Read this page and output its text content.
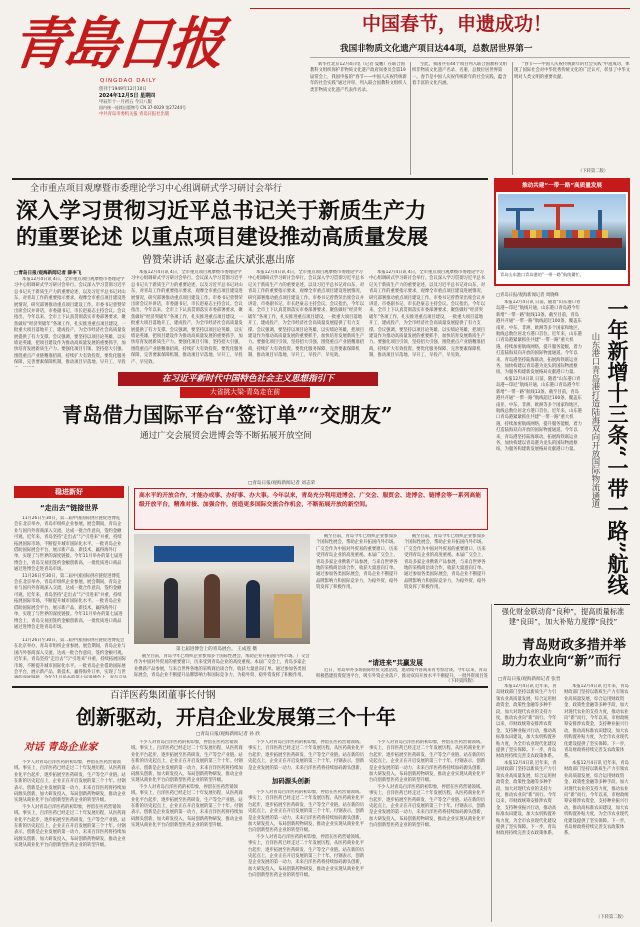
青島日报
QINGDAO DAILY
创刊于1949年12月10日
2024年12月5日 星期四
甲辰年十一月初五 今日八版
国内统一连续出版物号 CN 37-0029 第27244号
中共青岛市委机关报 青岛日报社出版
中国春节，申遗成功！
我国非物质文化遗产项目达44项，总数居世界第一

新华社北京12月4日电（记者 夏鹏）在联合国教科文组织保护非物质文化遗产政府间委员会第19届常会上，我国申报的“春节——中国人庆祝传统新年的社会实践”通过评审，列入联合国教科文组织人类非物质文化遗产代表作名录。

至此，我国共有44个项目列入联合国教科文组织非物质文化遗产名录、名册，总数位居世界第一。春节是中国人庆祝传统新年的社会实践，蕴含着丰富的文化内涵。

“春节——中国人庆祝传统新年的社会实践”申遗成功，体现了国际社会对中华优秀传统文化的广泛认可，彰显了中华文明对人类文明的重要贡献。

全市重点项目观摩暨市委理论学习中心组调研式学习研讨会举行
深入学习贯彻习近平总书记关于新质生产力
的重要论述 以重点项目建设推动高质量发展
曾赞荣讲话 赵豪志孟庆斌张惠出席
□青岛日报/观海新闻记者 薛李飞

本报12月4日讯 4日，全市重点项目观摩暨市委理论学习中心组调研式学习研讨会举行。会议深入学习贯彻习近平总书记关于新质生产力的重要论述，以及习近平总书记对山东、对青岛工作的重要指示要求，观摩全市重点项目建设进展情况，研究部署推动重点项目建设工作。市委书记曾赞荣出席会议并讲话，市委副书记、市长赵豪志主持会议。会议指出，今年以来，全市上下认真贯彻落实市委部署要求，聚焦做好“经济突破年”各项工作，扎实推进重点项目建设，一批重大项目落地开工、建成投产，为全市经济社会高质量发展提供了有力支撑。会议强调，要坚持以项目论英雄、以实绩论英雄，把项目建设作为推动高质量发展的重要抓手，加快培育发展新质生产力。要强化项目引领、坚持招大引强，围绕重点产业链精准招商，持续扩大有效投资。要优化服务保障，完善要素保障机制，推动项目早落地、早开工、早投

本报12月4日讯 4日，全市重点项目观摩暨市委理论学习中心组调研式学习研讨会举行。会议深入学习贯彻习近平总书记关于新质生产力的重要论述，以及习近平总书记对山东、对青岛工作的重要指示要求，观摩全市重点项目建设进展情况，研究部署推动重点项目建设工作。市委书记曾赞荣出席会议并讲话，市委副书记、市长赵豪志主持会议。会议指出，今年以来，全市上下认真贯彻落实市委部署要求，聚焦做好“经济突破年”各项工作，扎实推进重点项目建设，一批重大项目落地开工、建成投产，为全市经济社会高质量发展提供了有力支撑。会议强调，要坚持以项目论英雄、以实绩论英雄，把项目建设作为推动高质量发展的重要抓手，加快培育发展新质生产力。要强化项目引领、坚持招大引强，围绕重点产业链精准招商，持续扩大有效投资。要优化服务保障，完善要素保障机制，推动项目早落地、早开工、早投产、早见效。

本报12月4日讯 4日，全市重点项目观摩暨市委理论学习中心组调研式学习研讨会举行。会议深入学习贯彻习近平总书记关于新质生产力的重要论述，以及习近平总书记对山东、对青岛工作的重要指示要求，观摩全市重点项目建设进展情况，研究部署推动重点项目建设工作。市委书记曾赞荣出席会议并讲话，市委副书记、市长赵豪志主持会议。会议指出，今年以来，全市上下认真贯彻落实市委部署要求，聚焦做好“经济突破年”各项工作，扎实推进重点项目建设，一批重大项目落地开工、建成投产，为全市经济社会高质量发展提供了有力支撑。会议强调，要坚持以项目论英雄、以实绩论英雄，把项目建设作为推动高质量发展的重要抓手，加快培育发展新质生产力。要强化项目引领、坚持招大引强，围绕重点产业链精准招商，持续扩大有效投资。要优化服务保障，完善要素保障机制，推动项目早落地、早开工、早投产、早见效。

本报12月4日讯 4日，全市重点项目观摩暨市委理论学习中心组调研式学习研讨会举行。会议深入学习贯彻习近平总书记关于新质生产力的重要论述，以及习近平总书记对山东、对青岛工作的重要指示要求，观摩全市重点项目建设进展情况，研究部署推动重点项目建设工作。市委书记曾赞荣出席会议并讲话，市委副书记、市长赵豪志主持会议。会议指出，今年以来，全市上下认真贯彻落实市委部署要求，聚焦做好“经济突破年”各项工作，扎实推进重点项目建设，一批重大项目落地开工、建成投产，为全市经济社会高质量发展提供了有力支撑。会议强调，要坚持以项目论英雄、以实绩论英雄，把项目建设作为推动高质量发展的重要抓手，加快培育发展新质生产力。要强化项目引领、坚持招大引强，围绕重点产业链精准招商，持续扩大有效投资。要优化服务保障，完善要素保障机制，推动项目早落地、早开工、早投产、早见效。

推动共建“一带一路”高质量发展
青岛山东港口青岛港的“一带一路”航线繁忙。
□青岛日报/观海新闻记者 周晓峰

本报12月4日讯 日前，随着“山东港口青岛港—印尼”航线开通，山东港口青岛港今年新增“一带一路”航线13条。截至目前，青岛港共开通“一带一路”航线超过100条，覆盖东南亚、中东、非洲、欧洲等多个国家和地区，航线总数位居北方港口首位。近年来，山东港口青岛港紧紧抓住共建“一带一路”重大机遇，持续加密航线网络，提升服务能级，着力打造陆海双向开放的国际物流通道。今年以来，青岛港坚持陆海联动，拓展海铁联运业务，加快构建以青岛港为龙头的国际物流枢纽，为服务构建新发展格局贡献港口力量。

本报12月4日讯 日前，随着“山东港口青岛港—印尼”航线开通，山东港口青岛港今年新增“一带一路”航线13条。截至目前，青岛港共开通“一带一路”航线超过100条，覆盖东南亚、中东、非洲、欧洲等多个国家和地区，航线总数位居北方港口首位。近年来，山东港口青岛港紧紧抓住共建“一带一路”重大机遇，持续加密航线网络，提升服务能级，着力打造陆海双向开放的国际物流通道。今年以来，青岛港坚持陆海联动，拓展海铁联运业务，加快构建以青岛港为龙头的国际物流枢纽，为服务构建新发展格局贡献港口力量。 一年新增十三条“一带一路”航线
山东港口青岛港打造陆海双向开放国际物流通道
在习近平新时代中国特色社会主义思想指引下
大省挑大梁·青岛走在前
青岛借力国际平台“签订单”“交朋友”
通过广交会展贸会进博会等不断拓展开放空间
稳进新好
“走出去”链接世界

11月26日至30日，第二届中国国际供应链促进博览会在北京举办，青岛市组织企业参展。展会期间，青岛企业与国内外客商深入交流，达成一批合作意向，签约金额可观。近年来，青岛坚持“走出去”与“引进来”并重，持续拓展国际市场，不断提升城市国际化水平。一批青岛企业借助国际展会平台，展示新产品、新技术，赢得海外订单，实现了与世界的深度链接。今年11月举办的第七届进博会上，青岛交易团签约金额创新高，一批优质进口商品通过进博会走进青岛市场。

11月26日至30日，第二届中国国际供应链促进博览会在北京举办，青岛市组织企业参展。展会期间，青岛企业与国内外客商深入交流，达成一批合作意向，签约金额可观。近年来，青岛坚持“走出去”与“引进来”并重，持续拓展国际市场，不断提升城市国际化水平。一批青岛企业借助国际展会平台，展示新产品、新技术，赢得海外订单，实现了与世界的深度链接。今年11月举办的第七届进博会上，青岛交易团签约金额创新高，一批优质进口商品通过进博会走进青岛市场。

□青岛日报/观海新闻记者 刘志荣
高水平的开放合作，才能办成事、办好事、办大事。今年以来，青岛充分利用进博会、广交会、服贸会、进博会、链博会等一系列高能级开放平台，精准对接、加强合作，创造更多国际交流合作机会，不断拓展开放的新空间。
第七届进博会上的青岛展台。 王成莲 摄

截至目前，青岛今年已组织企业参加多个国际性展会，帮助企业开拓国内外市场。广交会作为中国对外贸易的重要窗口，历来受到青岛企业的高度重视。本届广交会上，青岛多家企业携新产品参展，与来自世界各地的采购商洽谈合作，收获大量意向订单。通过参加各类国际展会，青岛企业不断提升品牌影响力和国际竞争力，为稳外贸、稳外资发挥了积极作用。

截至目前，青岛今年已组织企业参加多个国际性展会，帮助企业开拓国内外市场。广交会作为中国对外贸易的重要窗口，历来受到青岛企业的高度重视。本届广交会上，青岛多家企业携新产品参展，与来自世界各地的采购商洽谈合作，收获大量意向订单。通过参加各类国际展会，青岛企业不断提升品牌影响力和国际竞争力，为稳外贸、稳外资发挥了积极作用。

11月26日至30日，第二届中国国际供应链促进博览会在北京举办，青岛市组织企业参展。展会期间，青岛企业与国内外客商深入交流，达成一批合作意向，签约金额可观。近年来，青岛坚持“走出去”与“引进来”并重，持续拓展国际市场，不断提升城市国际化水平。一批青岛企业借助国际展会平台，展示新产品、新技术，赢得海外订单，实现了与世

截至目前，青岛今年已组织企业参加多个国际性展会，帮助企业开拓国内外市场。广交会作为中国对外贸易的重要窗口，历来受到青岛企业的高度重视。本届广交会上，青岛多家企业携新产品参展，与来自世界各地的采购商洽谈合作，收获大量意向订单。通过参加各类国际展会，青岛企业不断提升品牌影响力和国际竞争力，为稳外贸、稳外资发挥了积极作用。

“请进来”共赢发展

近日，青岛举办多场国际经贸交流活动，邀请境外客商来青考察洽谈。今年以来，青岛积极搭建投资促进平台，吸引外资企业落户，推动双向开放水平不断提升。一批外资项目签

强化财金联动育“良种”，提高质量标准建“良田”，加大补贴力度撑“良技”
青岛财政多措并举
助力农业向“新”而行
□青岛日报/观海新闻记者 张晋

本报12月4日讯 近年来，青岛财政部门坚持以新质生产力引领农业高质量发展，综合运用财政资金、政策性金融等多种手段，加大对现代农业的支持力度，推动农业向“新”而行。今年以来，市财政统筹安排涉农资金，支持种业振兴行动，推动高标准农田建设，加大农机购置补贴力度，为全市农业现代化建设提供了坚实保障。下一步，青岛财政将持续完善支农政策体系。

本报12月4日讯 近年来，青岛财政部门坚持以新质生产力引领农业高质量发展，综合运用财政资金、政策性金融等多种手段，加大对现代农业的支持力度，推动农业向“新”而行。今年以来，市财政统筹安排涉农资金，支持种业振兴行动，推动高标准农田建设，加大农机购置补贴力度，为全市农业现代化建设提供了坚实保障。下一步，青岛财政将持续完善支农政策体系。

本报12月4日讯 近年来，青岛财政部门坚持以新质生产力引领农业高质量发展，综合运用财政资金、政策性金融等多种手段，加大对现代农业的支持力度，推动农业向“新”而行。今年以来，市财政统筹安排涉农资金，支持种业振兴行动，推动高标准农田建设，加大农机购置补贴力度，为全市农业现代化建设提供了坚实保障。下一步，青岛财政将持续完善支农政策体系。

本报12月4日讯 近年来，青岛财政部门坚持以新质生产力引领农业高质量发展，综合运用财政资金、政策性金融等多种手段，加大对现代农业的支持力度，推动农业向“新”而行。今年以来，市财政统筹安排涉农资金，支持种业振兴行动，推动高标准农田建设，加大农机购置补贴力度，为全市农业现代化建设提供了坚实保障。下一步，青岛财政将持续完善支农政策体系。

百洋医药集团董事长付钢
创新驱动，开启企业发展第三个十年
□青岛日报/观海新闻记者 孙 欣
对话 青岛企业家

不少人对青岛百洋医药的初印象，停留在医药营销领域。事实上，百洋医药已经走过二十年发展历程，从医药商业化平台起步，逐步拓展至医药研发、生产等全产业链。站在新的历史起点上，企业正在开启发展的第三个十年。付钢表示，创新是企业发展的第一动力，未来百洋医药将持续加码源头创新，加大研发投入，布局创新药物研发，推动企业实现从商业化平台向创新型医药企业的转型升级。

不少人对青岛百洋医药的初印象，停留在医药营销领域。事实上，百洋医药已经走过二十年发展历程，从医药商业化平台起步，逐步拓展至医药研发、生产等全产业链。站在新的历史起点上，企业正在开启发展的第三个十年。付钢表示，创新是企业发展的第一动力，未来百洋医药将持续加码源头创新，加大研发投入，布局创新药物研发，推动企业实现从商业化平台向创新型医药企业的转型升级。

不少人对青岛百洋医药的初印象，停留在医药营销领域。事实上，百洋医药已经走过二十年发展历程，从医药商业化平台起步，逐步拓展至医药研发、生产等全产业链。站在新的历史起点上，企业正在开启发展的第三个十年。付钢表示，创新是企业发展的第一动力，未来百洋医药将持续加码源头创新，加大研发投入，布局创新药物研发，推动企业实现从商业化平台向创新型医药企业的转型升级。

不少人对青岛百洋医药的初印象，停留在医药营销领域。事实上，百洋医药已经走过二十年发展历程，从医药商业化平台起步，逐步拓展至医药研发、生产等全产业链。站在新的历史起点上，企业正在开启发展的第三个十年。付钢表示，创新是企业发展的第一动力，未来百洋医药将持续加码源头创新，加大研发投入，布局创新药物研发，推动企业实现从商业化平台向创新型医药企业的转型升级。

加码源头创新

不少人对青岛百洋医药的初印象，停留在医药营销领域。事实上，百洋医药已经走过二十年发展历程，从医药商业化平台起步，逐步拓展至医药研发、生产等全产业链。站在新的历史起点上，企业正在开启发展的第三个十年。付钢表示，创新是企业发展的第一动力，未来百洋医药将持续加码源头创新，

不少人对青岛百洋医药的初印象，停留在医药营销领域。事实上，百洋医药已经走过二十年发展历程，从医药商业化平台起步，逐步拓展至医药研发、生产等全产业链。站在新的历史起点上，企业正在开启发展的第三个十年。付钢表示，创新是企业发展的第一动力，未来百洋医药将持续加码源头创新，加大研发投入，布局创新药物研发，推动企业实现从商业化平台向创新型医药企业的转型升级。

不少人对青岛百洋医药的初印象，停留在医药营销领域。事实上，百洋医药已经走过二十年发展历程，从医药商业化平台起步，逐步拓展至医药研发、生产等全产业链。站在新的历史起点上，企业正在开启发展的第三个十年。付钢表示，创新是企业发展的第一动力，未来百洋医药将持续加码源头创新，加大研发投入，布局创新药物研发，推动企业实现从商业化平台向创新型医药企业的转型升级。

不少人对青岛百洋医药的初印象，停留在医药营销领域。事实上，百洋医药已经走过二十年发展历程，从医药商业化平台起步，逐步拓展至医药研发、生产等全产业链。站在新的历史起点上，企业正在开启发展的第三个十年。付钢表示，创新是企业发展的第一动力，未来百洋医药将持续加码源头创新，加大研发投入，布局创新药物研发，推动企业实现从商业化平台向创新型医药企业的转型升级。

不少人对青岛百洋医药的初印象，停留在医药营销领域。事实上，百洋医药已经走过二十年发展历程，从医药商业化平台起步，逐步拓展至医药研发、生产等全产业链。站在新的历史起点上，企业正在开启发展的第三个十年。付钢表示，创新是企业发展的第一动力，未来百洋医药将持续加码源头创新，加大研发投入，布局创新药物研发，推动企业实现从商业化平台向创新型医药企业的转型升级。

（下转第二版）
（下转第四版）
（下转第二版）
